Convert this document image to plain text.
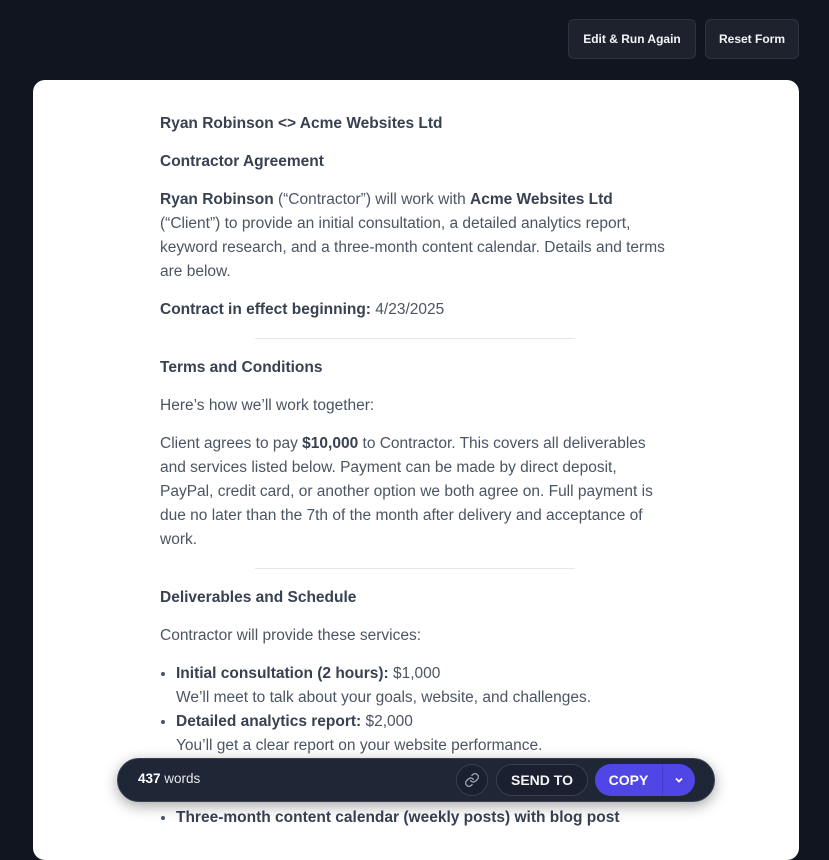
Edit & Run Again	Reset Form

Ryan Robinson <> Acme Websites Ltd

Contractor Agreement

Ryan Robinson (“Contractor”) will work with Acme Websites Ltd (“Client”) to provide an initial consultation, a detailed analytics report, keyword research, and a three-month content calendar. Details and terms are below.

Contract in effect beginning: 4/23/2025

Terms and Conditions

Here’s how we’ll work together:

Client agrees to pay $10,000 to Contractor. This covers all deliverables and services listed below. Payment can be made by direct deposit, PayPal, credit card, or another option we both agree on. Full payment is due no later than the 7th of the month after delivery and acceptance of work.

Deliverables and Schedule

Contractor will provide these services:

• Initial consultation (2 hours): $1,000
We’ll meet to talk about your goals, website, and challenges.
• Detailed analytics report: $2,000
You’ll get a clear report on your website performance.
• Three-month content calendar (weekly posts) with blog post
437 words	SEND TO	COPY
